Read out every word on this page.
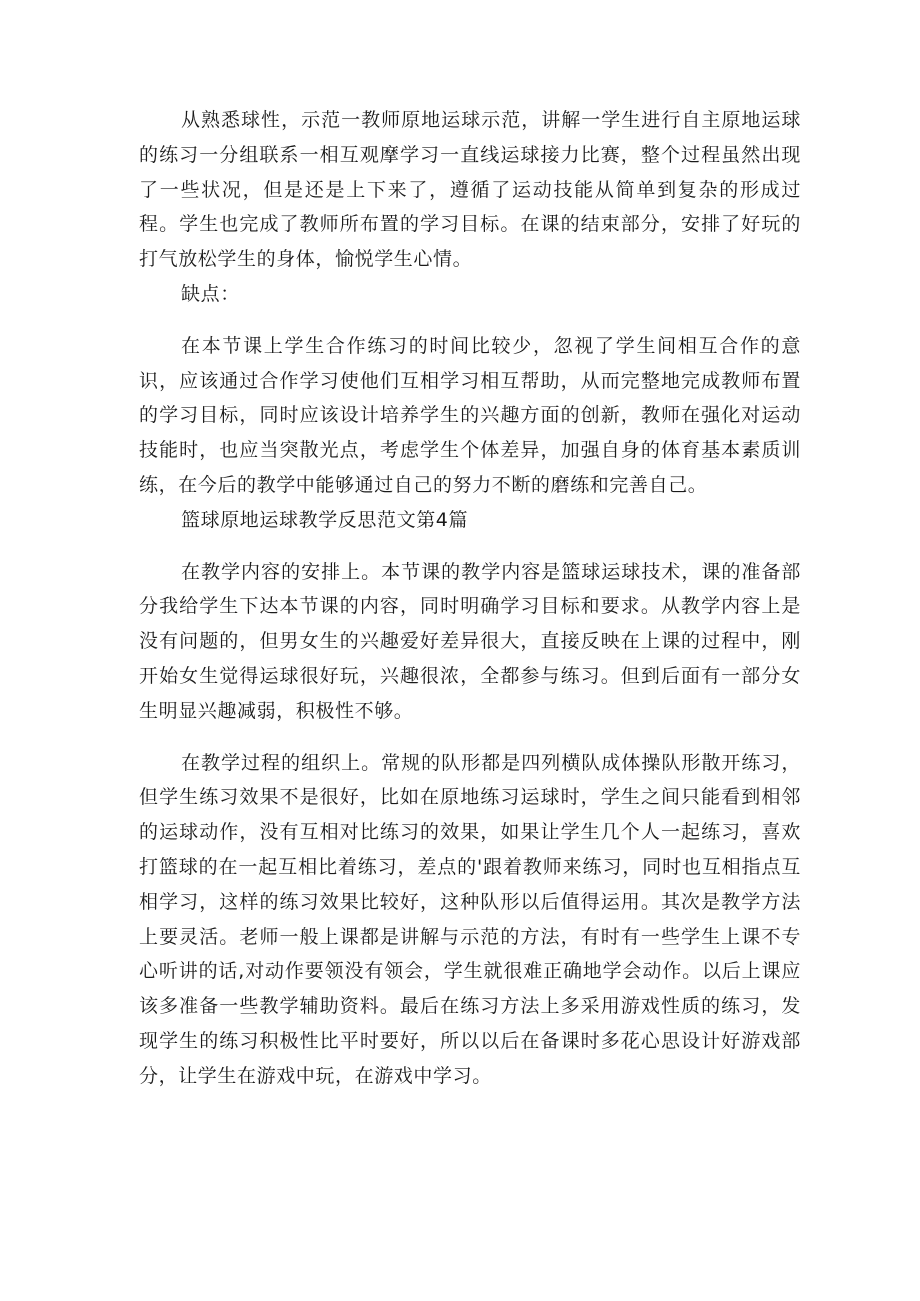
从熟悉球性，示范一教师原地运球示范，讲解一学生进行自主原地运球的练习一分组联系一相互观摩学习一直线运球接力比赛，整个过程虽然出现了一些状况，但是还是上下来了，遵循了运动技能从简单到复杂的形成过程。学生也完成了教师所布置的学习目标。在课的结束部分，安排了好玩的打气放松学生的身体，愉悦学生心情。

缺点：

在本节课上学生合作练习的时间比较少，忽视了学生间相互合作的意识，应该通过合作学习使他们互相学习相互帮助，从而完整地完成教师布置的学习目标，同时应该设计培养学生的兴趣方面的创新，教师在强化对运动技能时，也应当突散光点，考虑学生个体差异，加强自身的体育基本素质训练，在今后的教学中能够通过自己的努力不断的磨练和完善自己。

篮球原地运球教学反思范文第4篇

在教学内容的安排上。本节课的教学内容是篮球运球技术，课的准备部分我给学生下达本节课的内容，同时明确学习目标和要求。从教学内容上是没有问题的，但男女生的兴趣爱好差异很大，直接反映在上课的过程中，刚开始女生觉得运球很好玩，兴趣很浓，全都参与练习。但到后面有一部分女生明显兴趣减弱，积极性不够。

在教学过程的组织上。常规的队形都是四列横队成体操队形散开练习，但学生练习效果不是很好，比如在原地练习运球时，学生之间只能看到相邻的运球动作，没有互相对比练习的效果，如果让学生几个人一起练习，喜欢打篮球的在一起互相比着练习，差点的'跟着教师来练习，同时也互相指点互相学习，这样的练习效果比较好，这种队形以后值得运用。其次是教学方法上要灵活。老师一般上课都是讲解与示范的方法，有时有一些学生上课不专心听讲的话,对动作要领没有领会，学生就很难正确地学会动作。以后上课应该多准备一些教学辅助资料。最后在练习方法上多采用游戏性质的练习，发现学生的练习积极性比平时要好，所以以后在备课时多花心思设计好游戏部分，让学生在游戏中玩，在游戏中学习。
